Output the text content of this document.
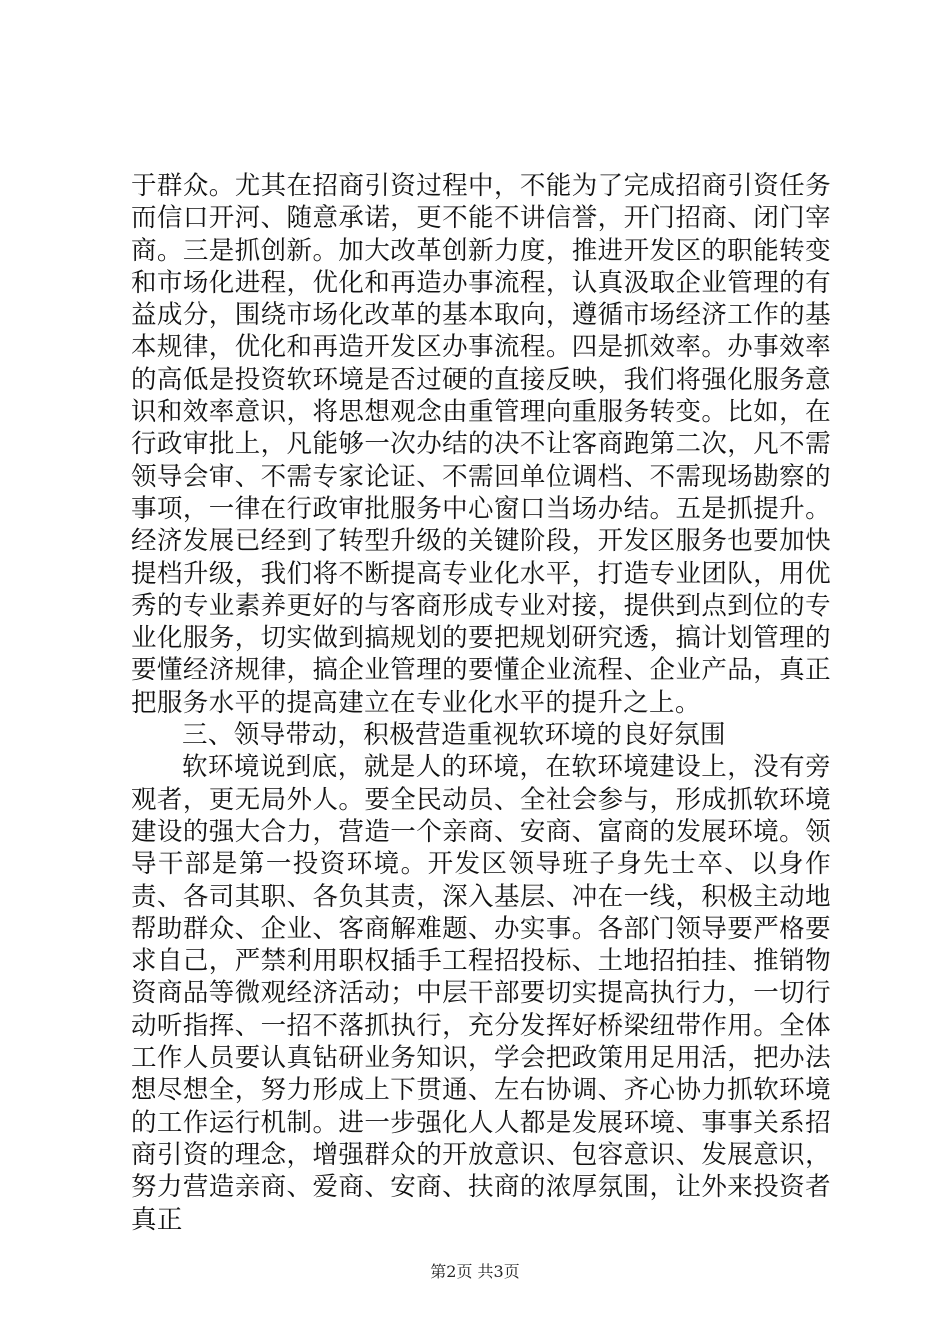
于群众。尤其在招商引资过程中，不能为了完成招商引资任务而信口开河、随意承诺，更不能不讲信誉，开门招商、闭门宰商。三是抓创新。加大改革创新力度，推进开发区的职能转变和市场化进程，优化和再造办事流程，认真汲取企业管理的有益成分，围绕市场化改革的基本取向，遵循市场经济工作的基本规律，优化和再造开发区办事流程。四是抓效率。办事效率的高低是投资软环境是否过硬的直接反映，我们将强化服务意识和效率意识，将思想观念由重管理向重服务转变。比如，在行政审批上，凡能够一次办结的决不让客商跑第二次，凡不需领导会审、不需专家论证、不需回单位调档、不需现场勘察的事项，一律在行政审批服务中心窗口当场办结。五是抓提升。经济发展已经到了转型升级的关键阶段，开发区服务也要加快提档升级，我们将不断提高专业化水平，打造专业团队，用优秀的专业素养更好的与客商形成专业对接，提供到点到位的专业化服务，切实做到搞规划的要把规划研究透，搞计划管理的要懂经济规律，搞企业管理的要懂企业流程、企业产品，真正把服务水平的提高建立在专业化水平的提升之上。

三、领导带动，积极营造重视软环境的良好氛围

软环境说到底，就是人的环境，在软环境建设上，没有旁观者，更无局外人。要全民动员、全社会参与，形成抓软环境建设的强大合力，营造一个亲商、安商、富商的发展环境。领导干部是第一投资环境。开发区领导班子身先士卒、以身作责、各司其职、各负其责，深入基层、冲在一线，积极主动地帮助群众、企业、客商解难题、办实事。各部门领导要严格要求自己，严禁利用职权插手工程招投标、土地招拍挂、推销物资商品等微观经济活动；中层干部要切实提高执行力，一切行动听指挥、一招不落抓执行，充分发挥好桥梁纽带作用。全体工作人员要认真钻研业务知识，学会把政策用足用活，把办法想尽想全，努力形成上下贯通、左右协调、齐心协力抓软环境的工作运行机制。进一步强化人人都是发展环境、事事关系招商引资的理念，增强群众的开放意识、包容意识、发展意识，努力营造亲商、爱商、安商、扶商的浓厚氛围，让外来投资者真正

第2页 共3页
